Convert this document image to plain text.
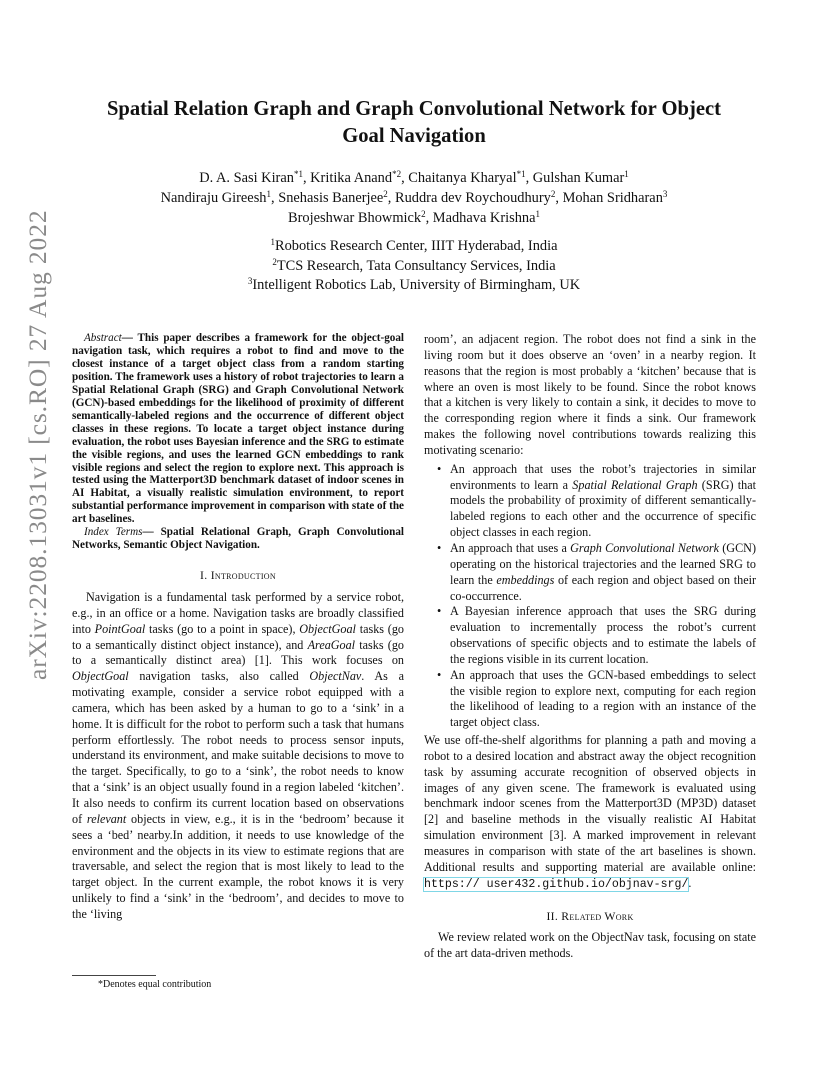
arXiv:2208.13031v1 [cs.RO] 27 Aug 2022
Spatial Relation Graph and Graph Convolutional Network for Object
Goal Navigation
D. A. Sasi Kiran$^{*1}$, Kritika Anand$^{*2}$, Chaitanya Kharyal$^{*1}$, Gulshan Kumar$^1$
Nandiraju Gireesh$^1$, Snehasis Banerjee$^2$, Ruddra dev Roychoudhury$^2$, Mohan Sridharan$^3$
Brojeshwar Bhowmick$^2$, Madhava Krishna$^1$
$^1$Robotics Research Center, IIIT Hyderabad, India
$^2$TCS Research, Tata Consultancy Services, India
$^3$Intelligent Robotics Lab, University of Birmingham, UK
Abstract— This paper describes a framework for the object-goal navigation task, which requires a robot to find and move to the closest instance of a target object class from a random starting position. The framework uses a history of robot trajectories to learn a Spatial Relational Graph (SRG) and Graph Convolutional Network (GCN)-based embeddings for the likelihood of proximity of different semantically-labeled regions and the occurrence of different object classes in these regions. To locate a target object instance during evaluation, the robot uses Bayesian inference and the SRG to estimate the visible regions, and uses the learned GCN embeddings to rank visible regions and select the region to explore next. This approach is tested using the Matterport3D benchmark dataset of indoor scenes in AI Habitat, a visually realistic simulation environment, to report substantial performance improvement in comparison with state of the art baselines.
Index Terms— Spatial Relational Graph, Graph Convolutional Networks, Semantic Object Navigation.
I. Introduction

Navigation is a fundamental task performed by a service robot, e.g., in an office or a home. Navigation tasks are broadly classified into PointGoal tasks (go to a point in space), ObjectGoal tasks (go to a semantically distinct object instance), and AreaGoal tasks (go to a semantically distinct area) [1]. This work focuses on ObjectGoal navigation tasks, also called ObjectNav. As a motivating example, consider a service robot equipped with a camera, which has been asked by a human to go to a ‘sink’ in a home. It is difficult for the robot to perform such a task that humans perform effortlessly. The robot needs to process sensor inputs, understand its environment, and make suitable decisions to move to the target. Specifically, to go to a ‘sink’, the robot needs to know that a ‘sink’ is an object usually found in a region labeled ‘kitchen’. It also needs to confirm its current location based on observations of relevant objects in view, e.g., it is in the ‘bedroom’ because it sees a ‘bed’ nearby.In addition, it needs to use knowledge of the environment and the objects in its view to estimate regions that are traversable, and select the region that is most likely to lead to the target object. In the current example, the robot knows it is very unlikely to find a ‘sink’ in the ‘bedroom’, and decides to move to the ‘living

room’, an adjacent region. The robot does not find a sink in the living room but it does observe an ‘oven’ in a nearby region. It reasons that the region is most probably a ‘kitchen’ because that is where an oven is most likely to be found. Since the robot knows that a kitchen is very likely to contain a sink, it decides to move to the corresponding region where it finds a sink. Our framework makes the following novel contributions towards realizing this motivating scenario:

• An approach that uses the robot’s trajectories in similar environments to learn a Spatial Relational Graph (SRG) that models the probability of proximity of different semantically-labeled regions to each other and the occurrence of specific object classes in each region.
• An approach that uses a Graph Convolutional Network (GCN) operating on the historical trajectories and the learned SRG to learn the embeddings of each region and object based on their co-occurrence.
• A Bayesian inference approach that uses the SRG during evaluation to incrementally process the robot’s current observations of specific objects and to estimate the labels of the regions visible in its current location.
• An approach that uses the GCN-based embeddings to select the visible region to explore next, computing for each region the likelihood of leading to a region with an instance of the target object class.

We use off-the-shelf algorithms for planning a path and moving a robot to a desired location and abstract away the object recognition task by assuming accurate recognition of observed objects in images of any given scene. The framework is evaluated using benchmark indoor scenes from the Matterport3D (MP3D) dataset [2] and baseline methods in the visually realistic AI Habitat simulation environment [3]. A marked improvement in relevant measures in comparison with state of the art baselines is shown. Additional results and supporting material are available online: https:// user432.github.io/objnav-srg/.

II. Related Work

We review related work on the ObjectNav task, focusing on state of the art data-driven methods.

*Denotes equal contribution
